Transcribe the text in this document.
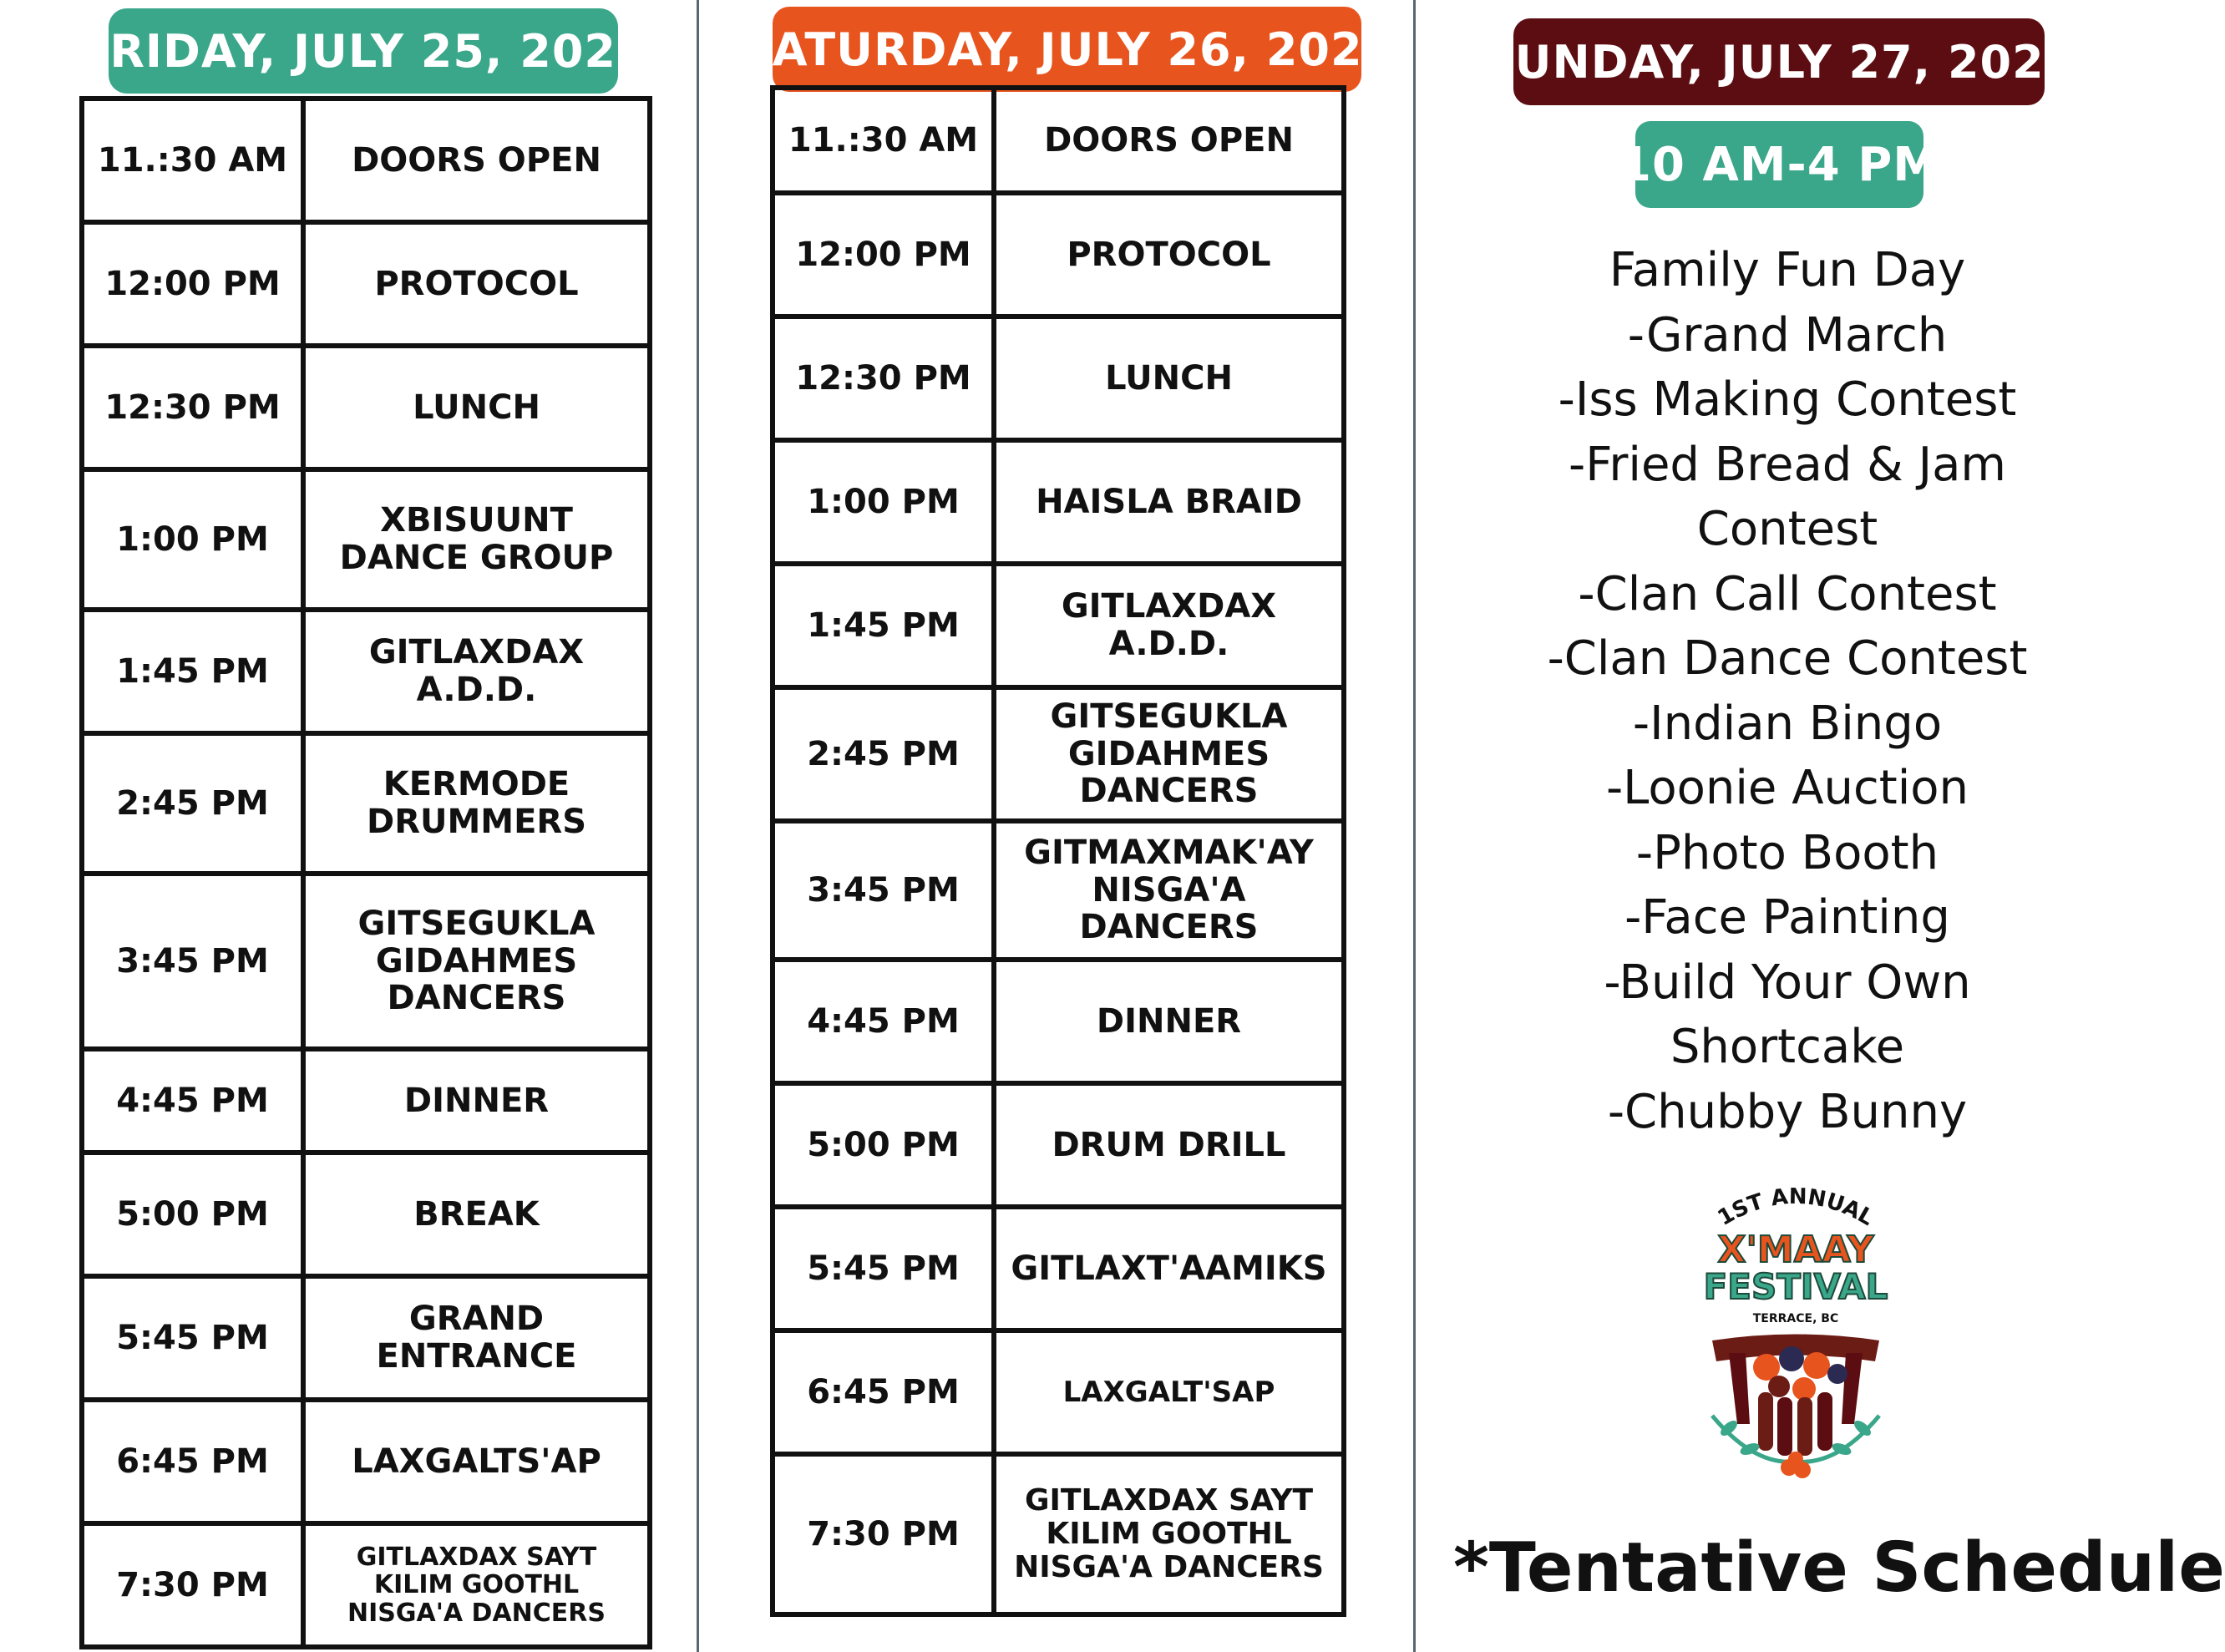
FRIDAY, JULY 25, 2025
11.:30 AM	DOORS OPEN
12:00 PM	PROTOCOL
12:30 PM	LUNCH
1:00 PM	XBISUUNT DANCE GROUP
1:45 PM	GITLAXDAX A.D.D.
2:45 PM	KERMODE DRUMMERS
3:45 PM	GITSEGUKLA GIDAHMES DANCERS
4:45 PM	DINNER
5:00 PM	BREAK
5:45 PM	GRAND ENTRANCE
6:45 PM	LAXGALTS'AP
7:30 PM	GITLAXDAX SAYT KILIM GOOTHL NISGA'A DANCERS
SATURDAY, JULY 26, 2025
11.:30 AM	DOORS OPEN
12:00 PM	PROTOCOL
12:30 PM	LUNCH
1:00 PM	HAISLA BRAID
1:45 PM	GITLAXDAX A.D.D.
2:45 PM	GITSEGUKLA GIDAHMES DANCERS
3:45 PM	GITMAXMAK'AY NISGA'A DANCERS
4:45 PM	DINNER
5:00 PM	DRUM DRILL
5:45 PM	GITLAXT'AAMIKS
6:45 PM	LAXGALT'SAP
7:30 PM	GITLAXDAX SAYT KILIM GOOTHL NISGA'A DANCERS
SUNDAY, JULY 27, 2025
10 AM-4 PM
Family Fun Day
-Grand March
-Iss Making Contest
-Fried Bread & Jam
Contest
-Clan Call Contest
-Clan Dance Contest
-Indian Bingo
-Loonie Auction
-Photo Booth
-Face Painting
-Build Your Own
Shortcake
-Chubby Bunny
1ST ANNUAL
X'MAAY
FESTIVAL
TERRACE, BC
*Tentative Schedule
